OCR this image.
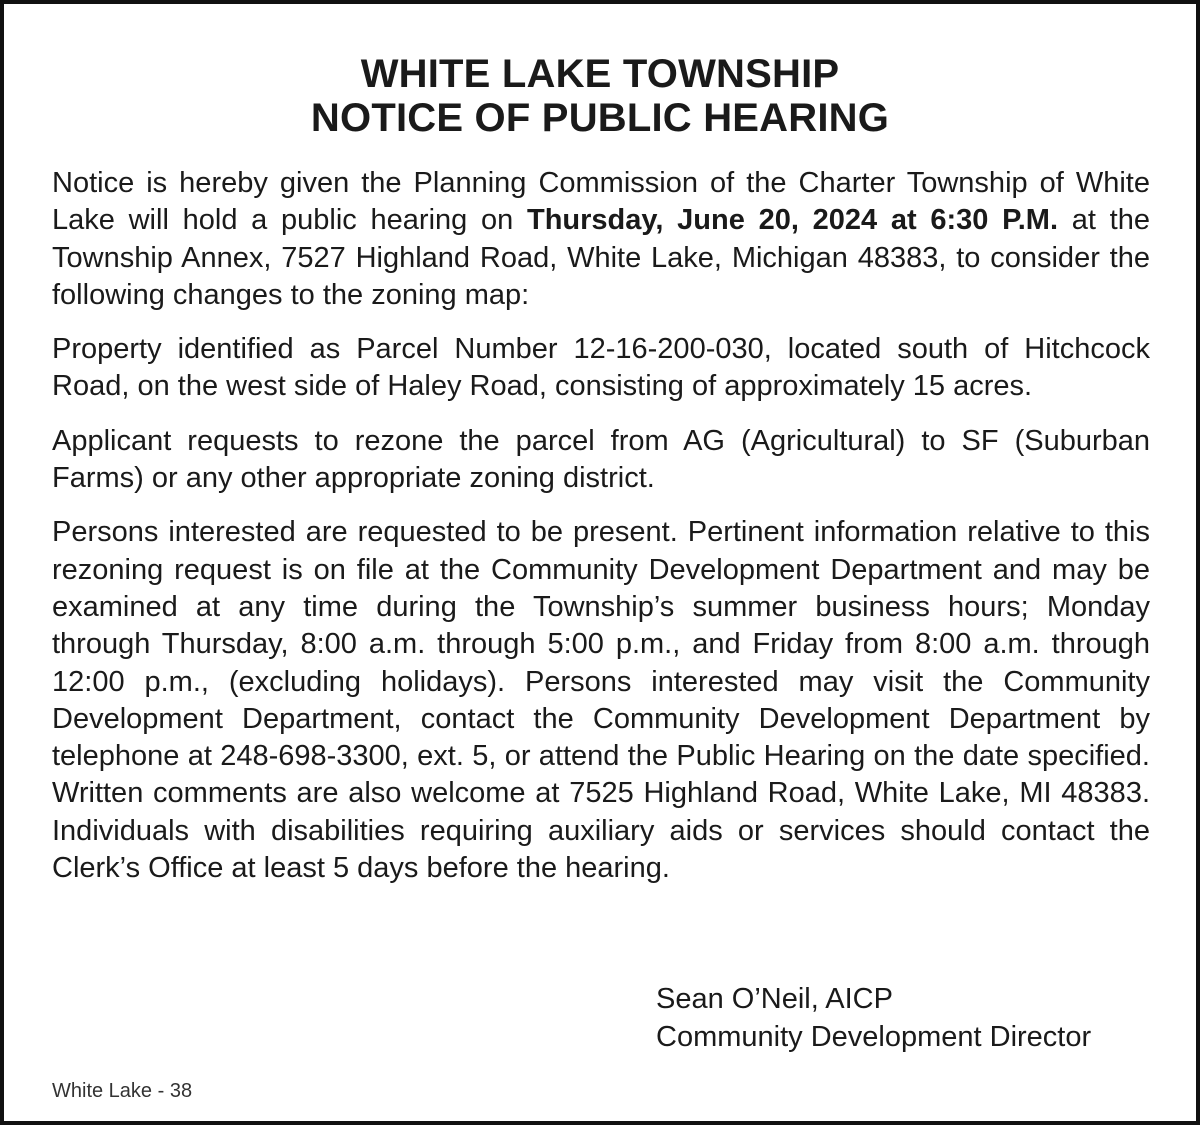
WHITE LAKE TOWNSHIP
NOTICE OF PUBLIC HEARING

Notice is hereby given the Planning Commission of the Charter Township of White Lake will hold a public hearing on Thursday, June 20, 2024 at 6:30 P.M. at the Township Annex, 7527 Highland Road, White Lake, Michigan 48383, to consider the following changes to the zoning map:

Property identified as Parcel Number 12-16-200-030, located south of Hitchcock Road, on the west side of Haley Road, consisting of approximately 15 acres.

Applicant requests to rezone the parcel from AG (Agricultural) to SF (Suburban Farms) or any other appropriate zoning district.

Persons interested are requested to be present. Pertinent information relative to this rezoning request is on file at the Community Development Department and may be examined at any time during the Township’s summer business hours; Monday through Thursday, 8:00 a.m. through 5:00 p.m., and Friday from 8:00 a.m. through 12:00 p.m., (excluding holidays). Persons interested may visit the Community Development Department, contact the Community Development Department by telephone at 248-698-3300, ext. 5, or attend the Public Hearing on the date specified. Written comments are also welcome at 7525 Highland Road, White Lake, MI 48383. Individuals with disabilities requiring auxiliary aids or services should contact the Clerk’s Office at least 5 days before the hearing.

Sean O’Neil, AICP
Community Development Director
White Lake - 38
